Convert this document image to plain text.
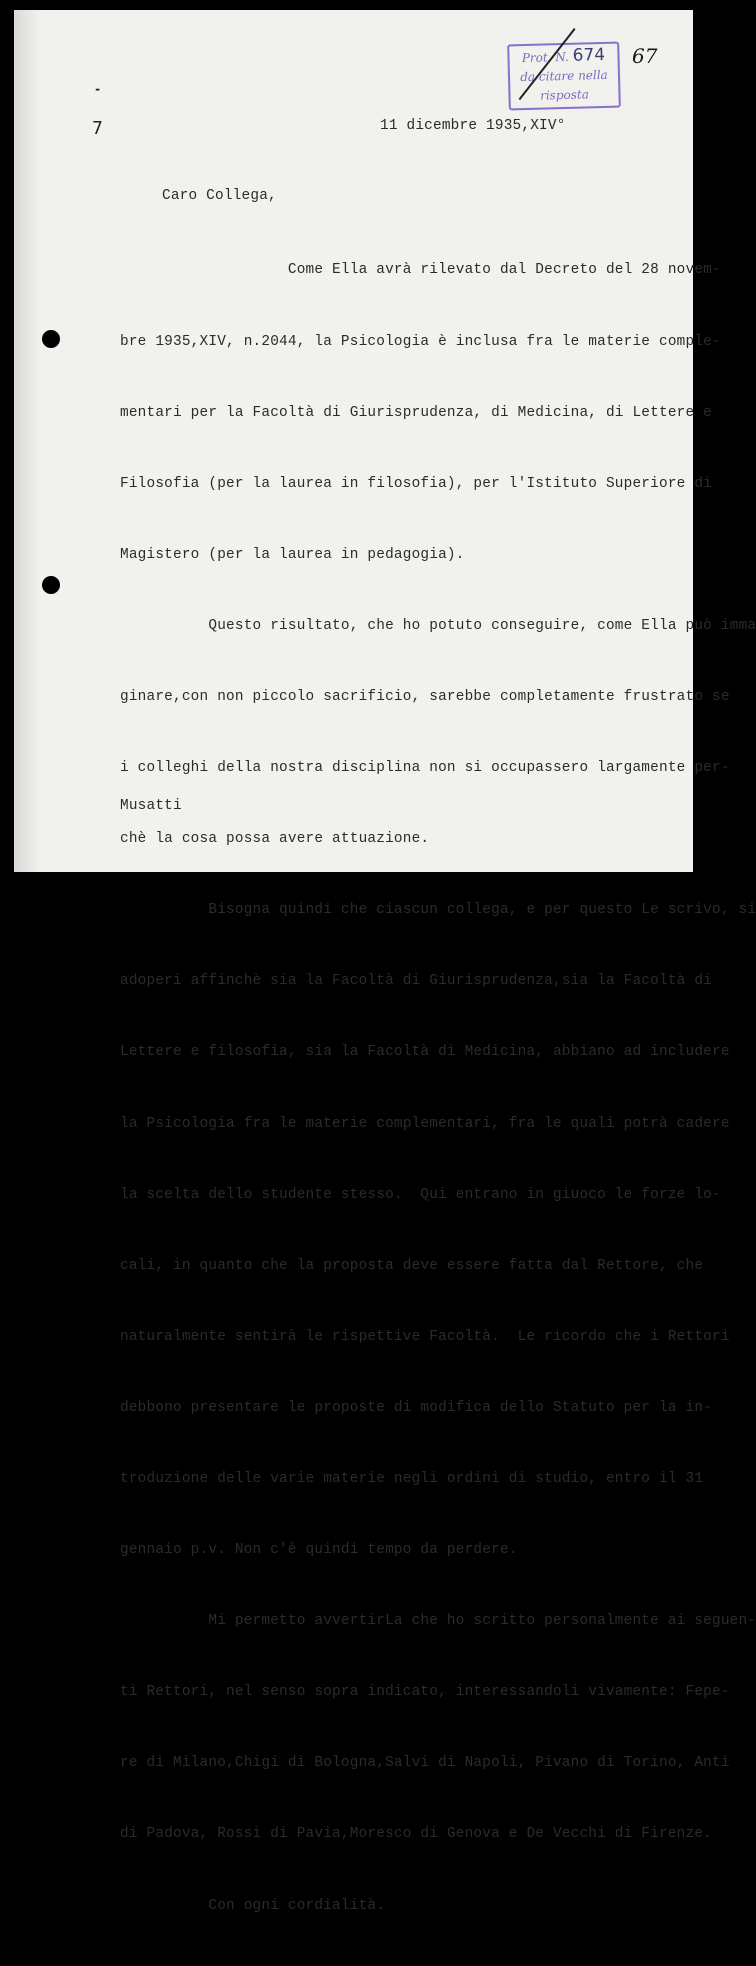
-
7
Prot. N. 674
da citare nella
risposta
67
11 dicembre 1935,XIV°
Caro Collega,

Come Ella avrà rilevato dal Decreto del 28 novem-

bre 1935,XIV, n.2044, la Psicologia è inclusa fra le materie comple-

mentari per la Facoltà di Giurisprudenza, di Medicina, di Lettere e

Filosofia (per la laurea in filosofia), per l'Istituto Superiore di

Magistero (per la laurea in pedagogia).

Questo risultato, che ho potuto conseguire, come Ella può imma

ginare,con non piccolo sacrificio, sarebbe completamente frustrato se

i colleghi della nostra disciplina non si occupassero largamente per-

chè la cosa possa avere attuazione.

Bisogna quindi che ciascun collega, e per questo Le scrivo, si

adoperi affinchè sia la Facoltà di Giurisprudenza,sia la Facoltà di

Lettere e filosofia, sia la Facoltà di Medicina, abbiano ad includere

la Psicologia fra le materie complementari, fra le quali potrà cadere

la scelta dello studente stesso.  Qui entrano in giuoco le forze lo-

cali, in quanto che la proposta deve essere fatta dal Rettore, che

naturalmente sentirà le rispettive Facoltà.  Le ricordo che i Rettori

debbono presentare le proposte di modifica dello Statuto per la in-

troduzione delle varie materie negli ordini di studio, entro il 31

gennaio p.v. Non c'è quindi tempo da perdere.

Mi permetto avvertirLa che ho scritto personalmente ai seguen-

ti Rettori, nel senso sopra indicato, interessandoli vivamente: Fepe-

re di Milano,Chigi di Bologna,Salvi di Napoli, Pivano di Torino, Anti

di Padova, Rossi di Pavia,Moresco di Genova e De Vecchi di Firenze.

Con ogni cordialità.

Musatti
